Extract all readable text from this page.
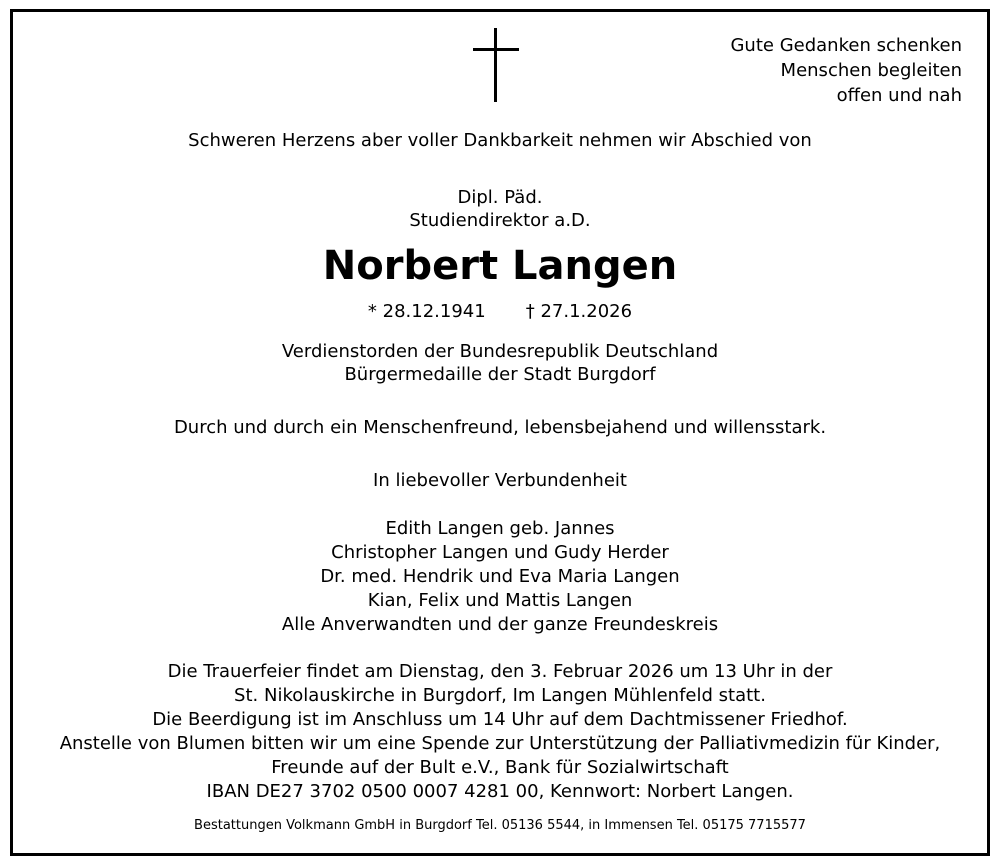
Gute Gedanken schenken
Menschen begleiten
offen und nah
Schweren Herzens aber voller Dankbarkeit nehmen wir Abschied von
Dipl. Päd.
Studiendirektor a.D.
Norbert Langen
* 28.12.1941 † 27.1.2026
Verdienstorden der Bundesrepublik Deutschland
Bürgermedaille der Stadt Burgdorf
Durch und durch ein Menschenfreund, lebensbejahend und willensstark.
In liebevoller Verbundenheit
Edith Langen geb. Jannes
Christopher Langen und Gudy Herder
Dr. med. Hendrik und Eva Maria Langen
Kian, Felix und Mattis Langen
Alle Anverwandten und der ganze Freundeskreis
Die Trauerfeier findet am Dienstag, den 3. Februar 2026 um 13 Uhr in der
St. Nikolauskirche in Burgdorf, Im Langen Mühlenfeld statt.
Die Beerdigung ist im Anschluss um 14 Uhr auf dem Dachtmissener Friedhof.
Anstelle von Blumen bitten wir um eine Spende zur Unterstützung der Palliativmedizin für Kinder,
Freunde auf der Bult e.V., Bank für Sozialwirtschaft
IBAN DE27 3702 0500 0007 4281 00, Kennwort: Norbert Langen.
Bestattungen Volkmann GmbH in Burgdorf Tel. 05136 5544, in Immensen Tel. 05175 7715577
